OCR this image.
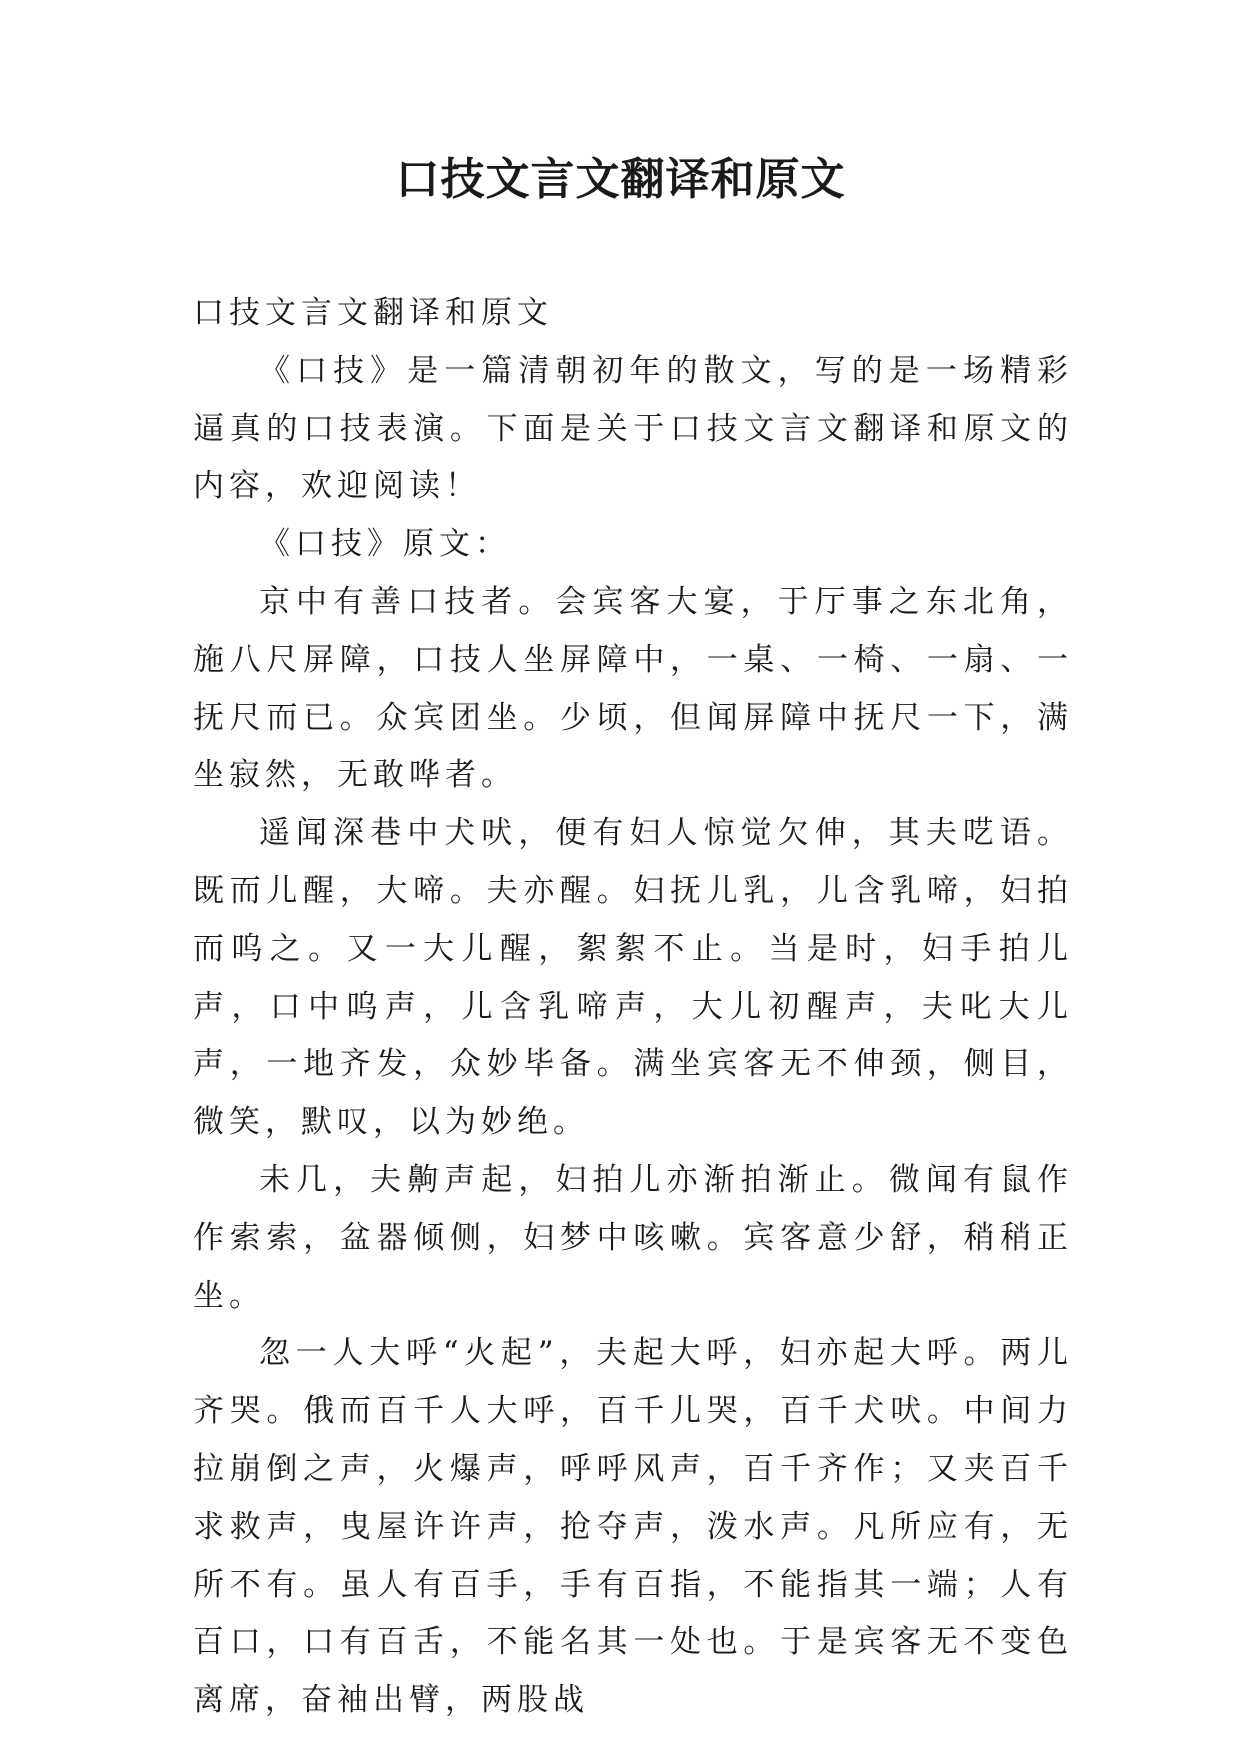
口技文言文翻译和原文

口技文言文翻译和原文

《口技》是一篇清朝初年的散文，写的是一场精彩逼真的口技表演。下面是关于口技文言文翻译和原文的内容，欢迎阅读！

《口技》原文：

京中有善口技者。会宾客大宴，于厅事之东北角，施八尺屏障，口技人坐屏障中，一桌、一椅、一扇、一抚尺而已。众宾团坐。少顷，但闻屏障中抚尺一下，满坐寂然，无敢哗者。

遥闻深巷中犬吠，便有妇人惊觉欠伸，其夫呓语。既而儿醒，大啼。夫亦醒。妇抚儿乳，儿含乳啼，妇拍而呜之。又一大儿醒，絮絮不止。当是时，妇手拍儿声，口中呜声，儿含乳啼声，大儿初醒声，夫叱大儿声，一地齐发，众妙毕备。满坐宾客无不伸颈，侧目，微笑，默叹，以为妙绝。

未几，夫齁声起，妇拍儿亦渐拍渐止。微闻有鼠作作索索，盆器倾侧，妇梦中咳嗽。宾客意少舒，稍稍正坐。

忽一人大呼“火起”，夫起大呼，妇亦起大呼。两儿齐哭。俄而百千人大呼，百千儿哭，百千犬吠。中间力拉崩倒之声，火爆声，呼呼风声，百千齐作；又夹百千求救声，曳屋许许声，抢夺声，泼水声。凡所应有，无所不有。虽人有百手，手有百指，不能指其一端；人有百口，口有百舌，不能名其一处也。于是宾客无不变色离席，奋袖出臂，两股战
